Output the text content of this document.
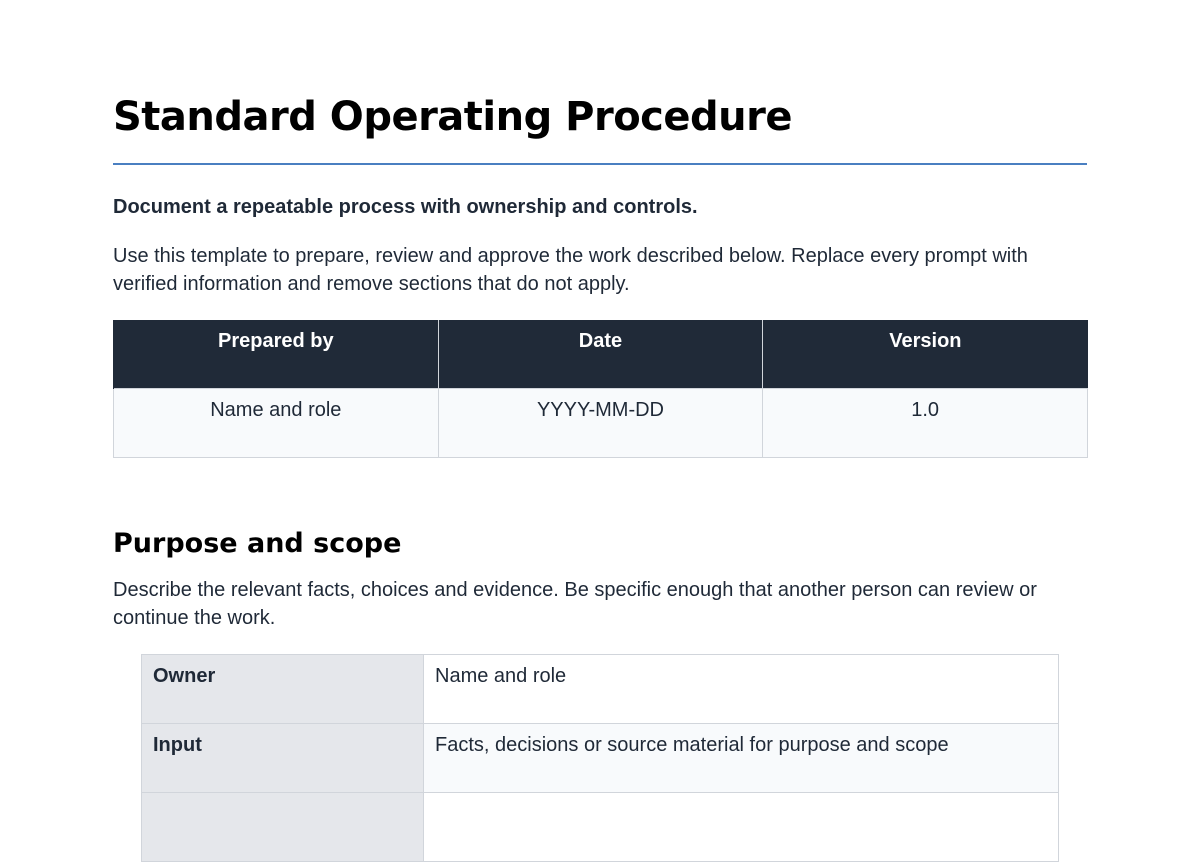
Standard Operating Procedure

Document a repeatable process with ownership and controls.

Use this template to prepare, review and approve the work described below. Replace every prompt with verified information and remove sections that do not apply.

Prepared by	Date	Version
Name and role	YYYY-MM-DD	1.0
Purpose and scope

Describe the relevant facts, choices and evidence. Be specific enough that another person can review or continue the work.

Owner	Name and role
Input	Facts, decisions or source material for purpose and scope
